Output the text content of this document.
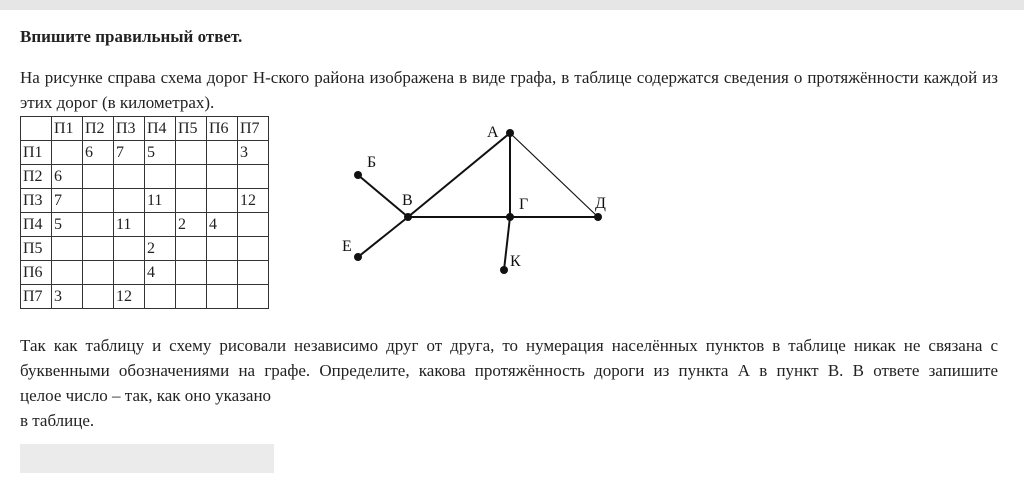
Впишите правильный ответ.
На рисунке справа схема дорог Н-ского района изображена в виде графа, в таблице содержатся сведения о протяжённости каждой из этих дорог (в километрах).
	П1	П2	П3	П4	П5	П6	П7
П1		6	7	5			3
П2	6						
П3	7			11			12
П4	5		11		2	4	
П5				2			
П6				4			
П7	3		12				
А
Б
В	Г	Д
Е
К
Так как таблицу и схему рисовали независимо друг от друга, то нумерация населённых пунктов в таблице никак не связана с
буквенными обозначениями на графе. Определите, какова протяжённость дороги из пункта А в пункт В. В ответе запишите
целое число – так, как оно указано
в таблице.
